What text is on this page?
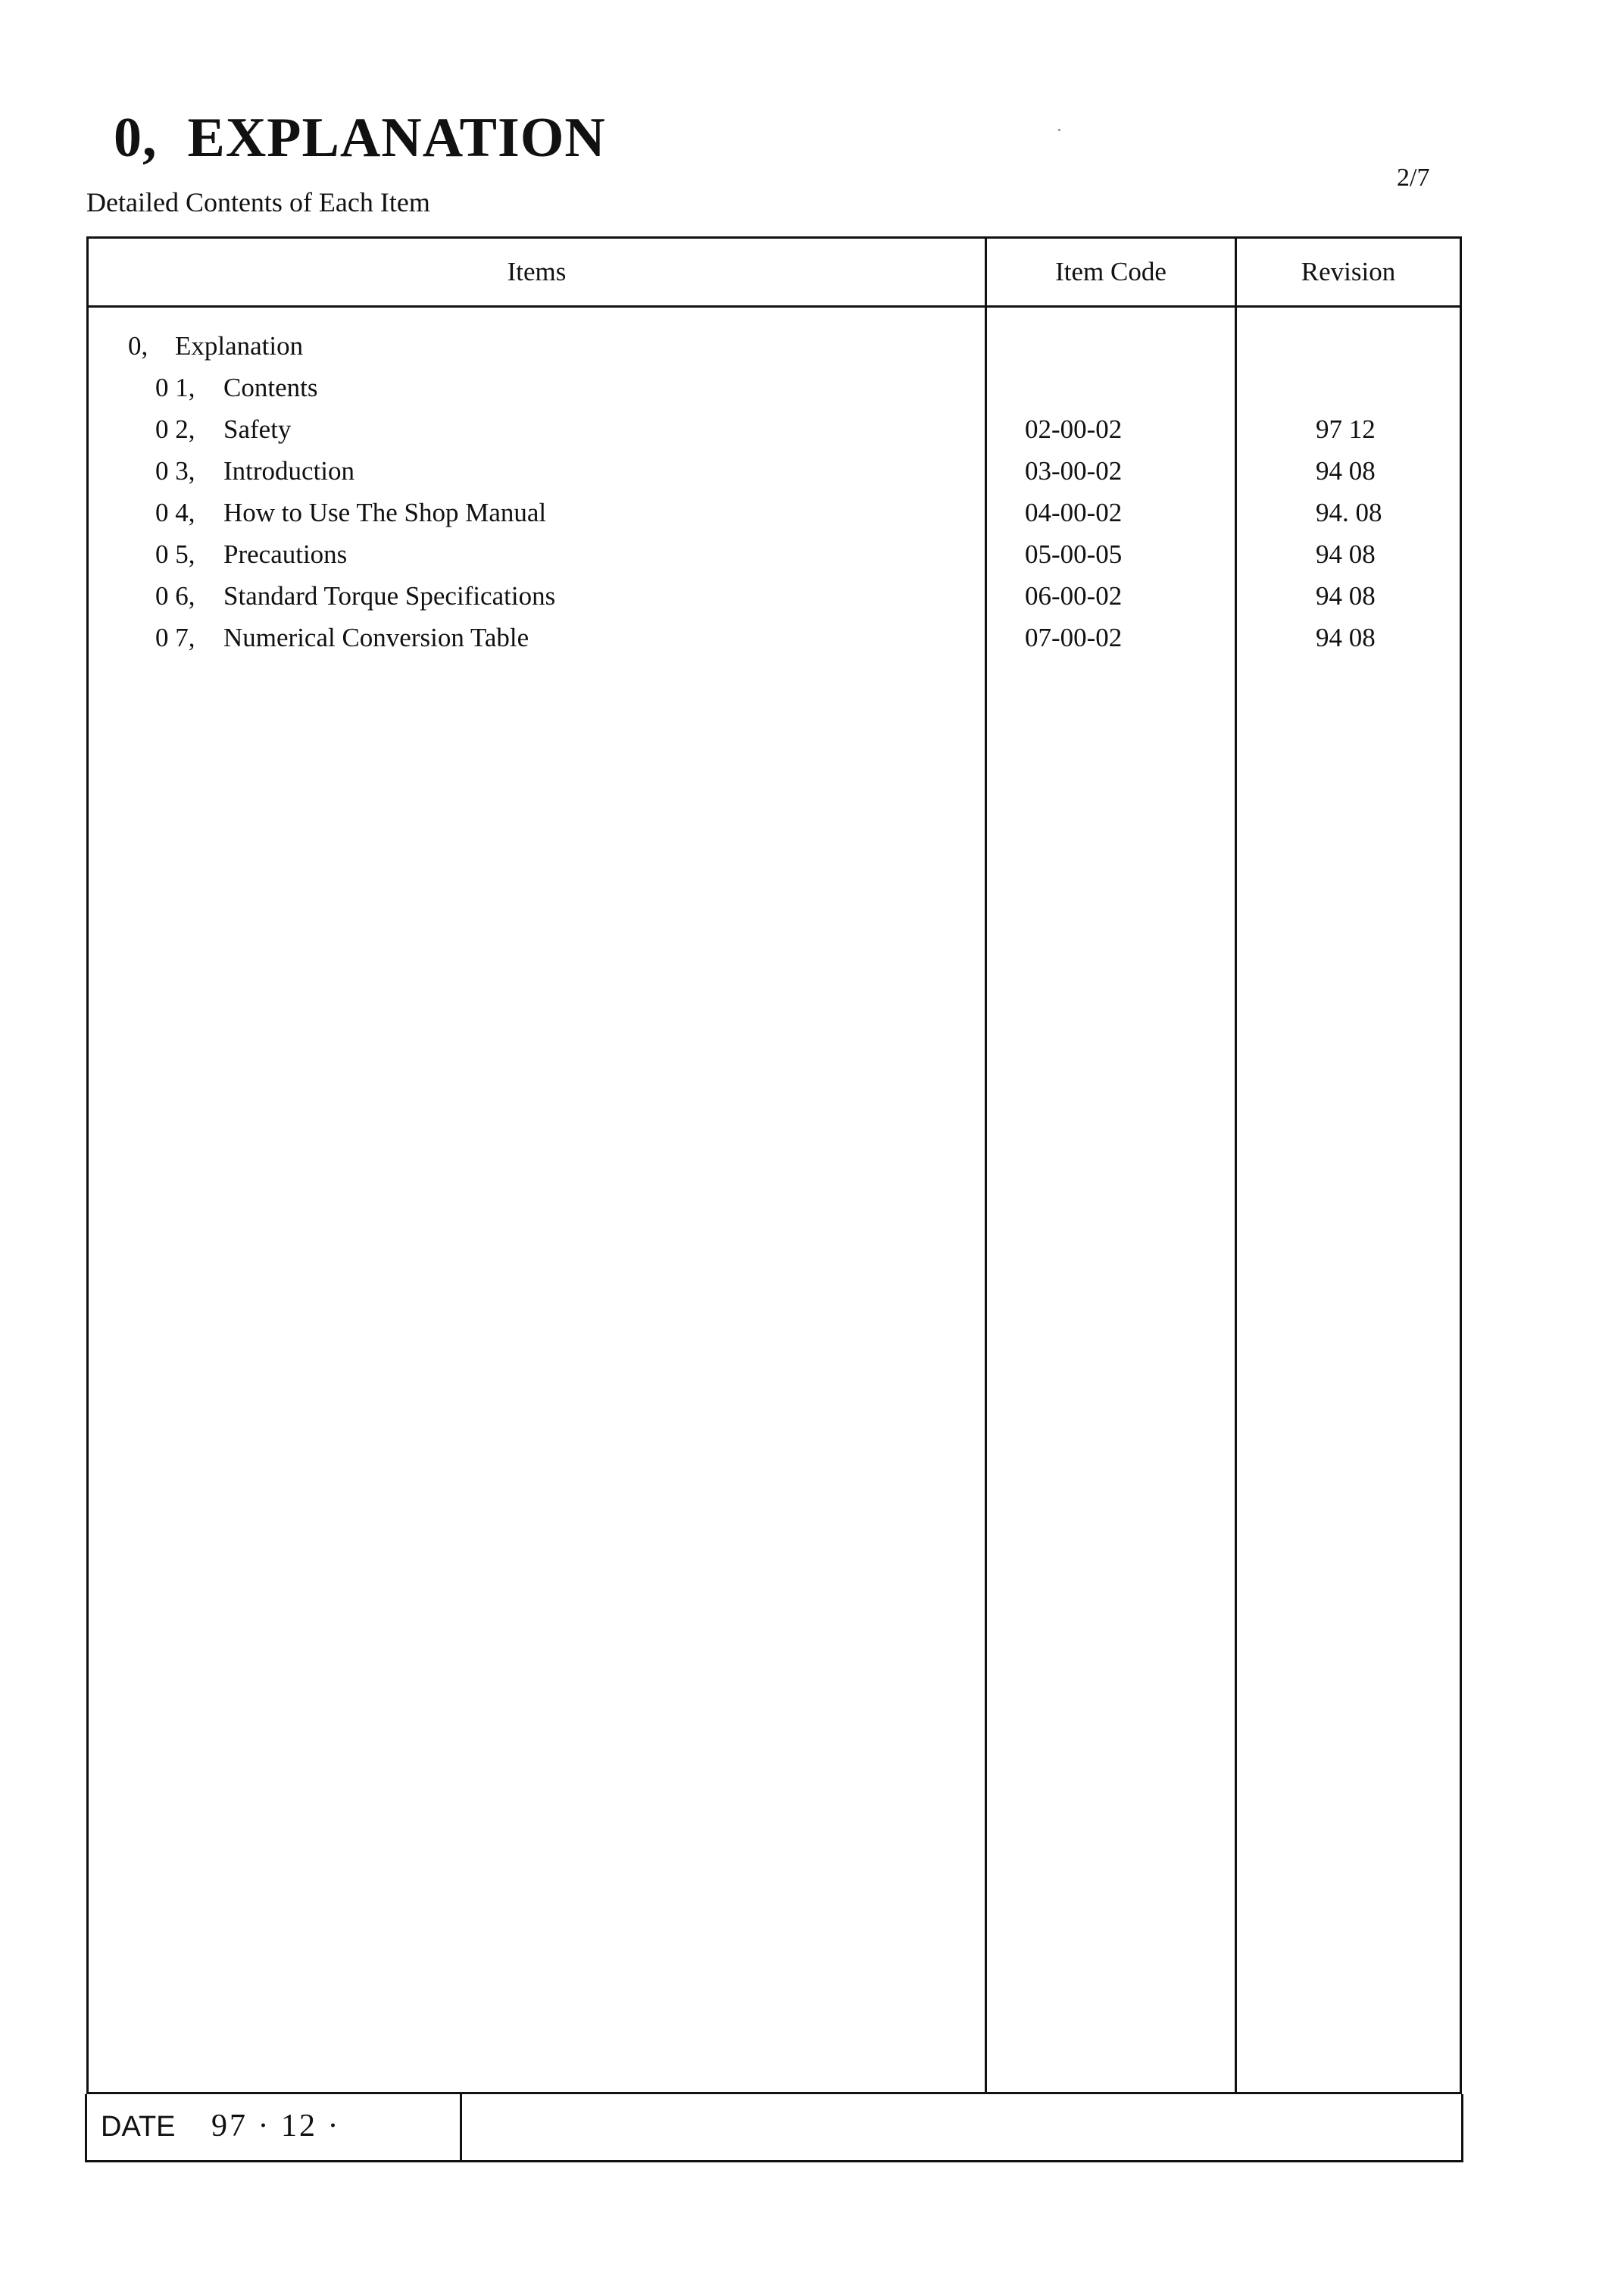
0, EXPLANATION
Detailed Contents of Each Item
2/7
Items	Item Code	Revision
0, Explanation
0 1, Contents
0 2, Safety	02-00-02	97 12
0 3, Introduction	03-00-02	94 08
0 4, How to Use The Shop Manual	04-00-02	94. 08
0 5, Precautions	05-00-05	94 08
0 6, Standard Torque Specifications	06-00-02	94 08
0 7, Numerical Conversion Table	07-00-02	94 08
DATE 97 · 12 ·
